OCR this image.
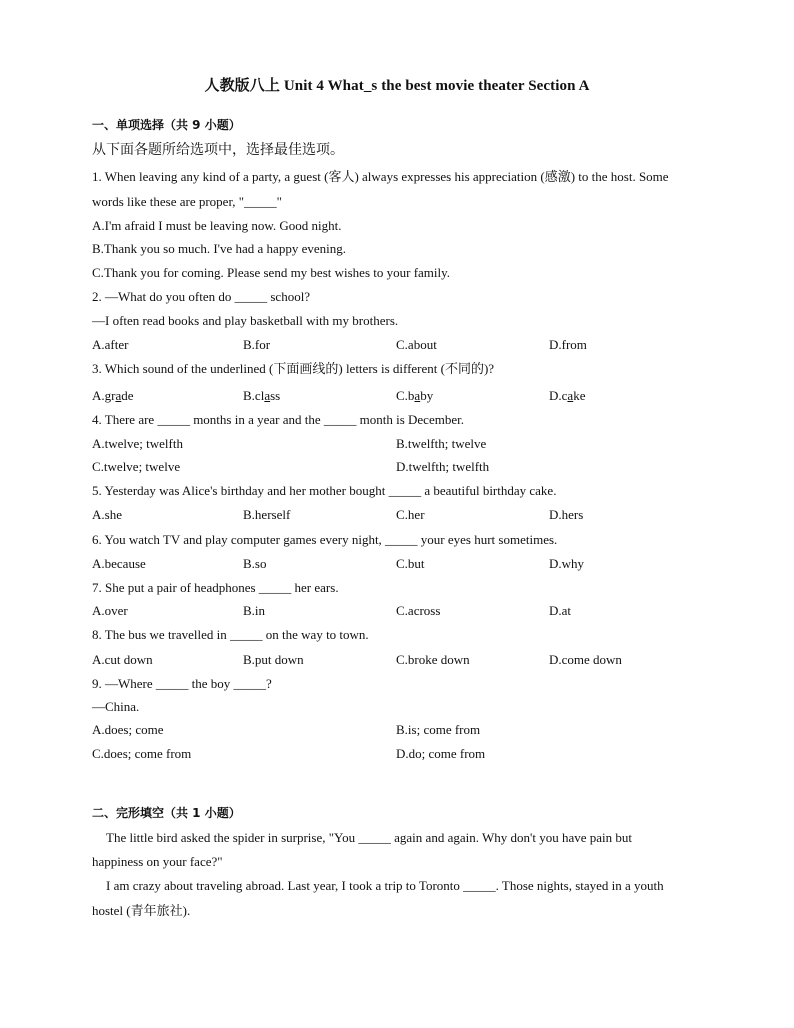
人教版八上 Unit 4 What_s the best movie theater Section A
一、单项选择（共 9 小题）
从下面各题所给选项中，选择最佳选项。
1. When leaving any kind of a party, a guest (客人) always expresses his appreciation (感激) to the host. Some
words like these are proper, "_____"
A.I'm afraid I must be leaving now. Good night.
B.Thank you so much. I've had a happy evening.
C.Thank you for coming. Please send my best wishes to your family.
2. —What do you often do _____ school?
—I often read books and play basketball with my brothers.
A.after	B.for	C.about	D.from
3. Which sound of the underlined (下面画线的) letters is different (不同的)?
A.grade	B.class	C.baby	D.cake
4. There are _____ months in a year and the _____ month is December.
A.twelve; twelfth	B.twelfth; twelve
C.twelve; twelve	D.twelfth; twelfth
5. Yesterday was Alice's birthday and her mother bought _____ a beautiful birthday cake.
A.she	B.herself	C.her	D.hers
6. You watch TV and play computer games every night, _____ your eyes hurt sometimes.
A.because	B.so	C.but	D.why
7. She put a pair of headphones _____ her ears.
A.over	B.in	C.across	D.at
8. The bus we travelled in _____ on the way to town.
A.cut down	B.put down	C.broke down	D.come down
9. —Where _____ the boy _____?
—China.
A.does; come	B.is; come from
C.does; come from	D.do; come from
二、完形填空（共 1 小题）
The little bird asked the spider in surprise, "You _____ again and again. Why don't you have pain but
happiness on your face?"
I am crazy about traveling abroad. Last year, I took a trip to Toronto _____. Those nights, stayed in a youth
hostel (青年旅社).
